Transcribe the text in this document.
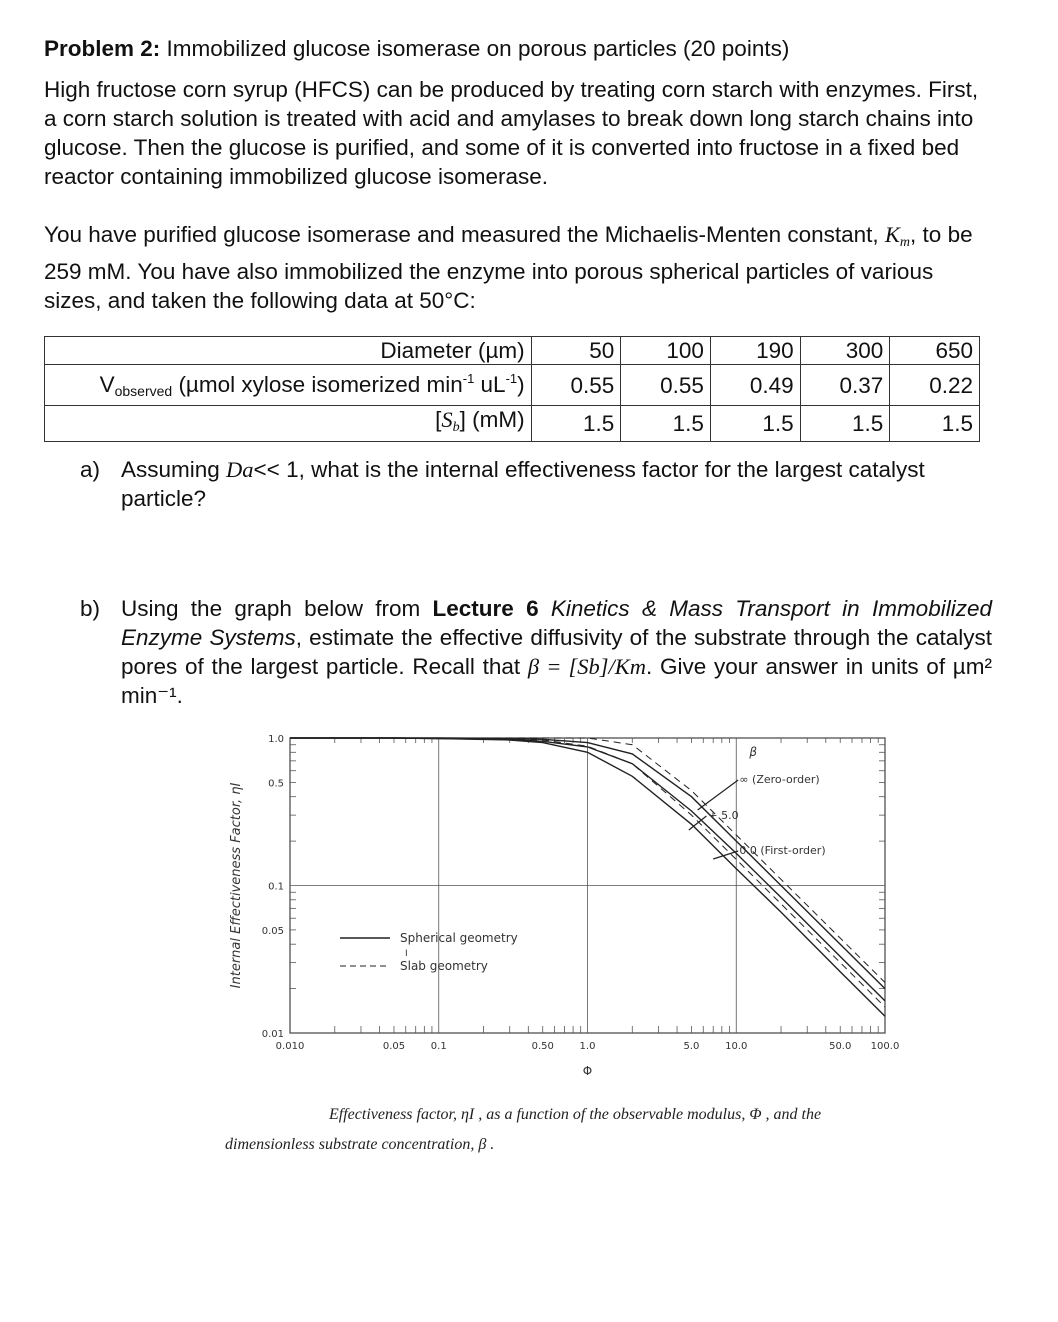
Problem 2: Immobilized glucose isomerase on porous particles (20 points)
High fructose corn syrup (HFCS) can be produced by treating corn starch with enzymes. First, a corn starch solution is treated with acid and amylases to break down long starch chains into glucose. Then the glucose is purified, and some of it is converted into fructose in a fixed bed reactor containing immobilized glucose isomerase.
You have purified glucose isomerase and measured the Michaelis-Menten constant, $K_m$, to be 259 mM. You have also immobilized the enzyme into porous spherical particles of various sizes, and taken the following data at 50°C:
Diameter (µm)	50	100	190	300	650
$V_{observed}$ (µmol xylose isomerized $\min^{-1} uL^{-1}$)	0.55	0.55	0.49	0.37	0.22
$[S_b]$ (mM)	1.5	1.5	1.5	1.5	1.5
a) Assuming Da<< 1, what is the internal effectiveness factor for the largest catalyst particle?
b) Using the graph below from Lecture 6 Kinetics & Mass Transport in Immobilized Enzyme Systems, estimate the effective diffusivity of the substrate through the catalyst pores of the largest particle. Recall that β = [Sb]/Km. Give your answer in units of µm² min⁻¹.
0.010	0.05	0.1	0.50	1.0	5.0	10.0	50.0 100.0
1.0
0.5
0.1
0.05
0.01
Φ
Internal Effectiveness Factor, ηI
β
∞ (Zero-order)
+ 5.0
0.0 (First-order)
Spherical geometry
I
Slab geometry
Effectiveness factor, ηI , as a function of the observable modulus, Φ , and the
dimensionless substrate concentration, β .
